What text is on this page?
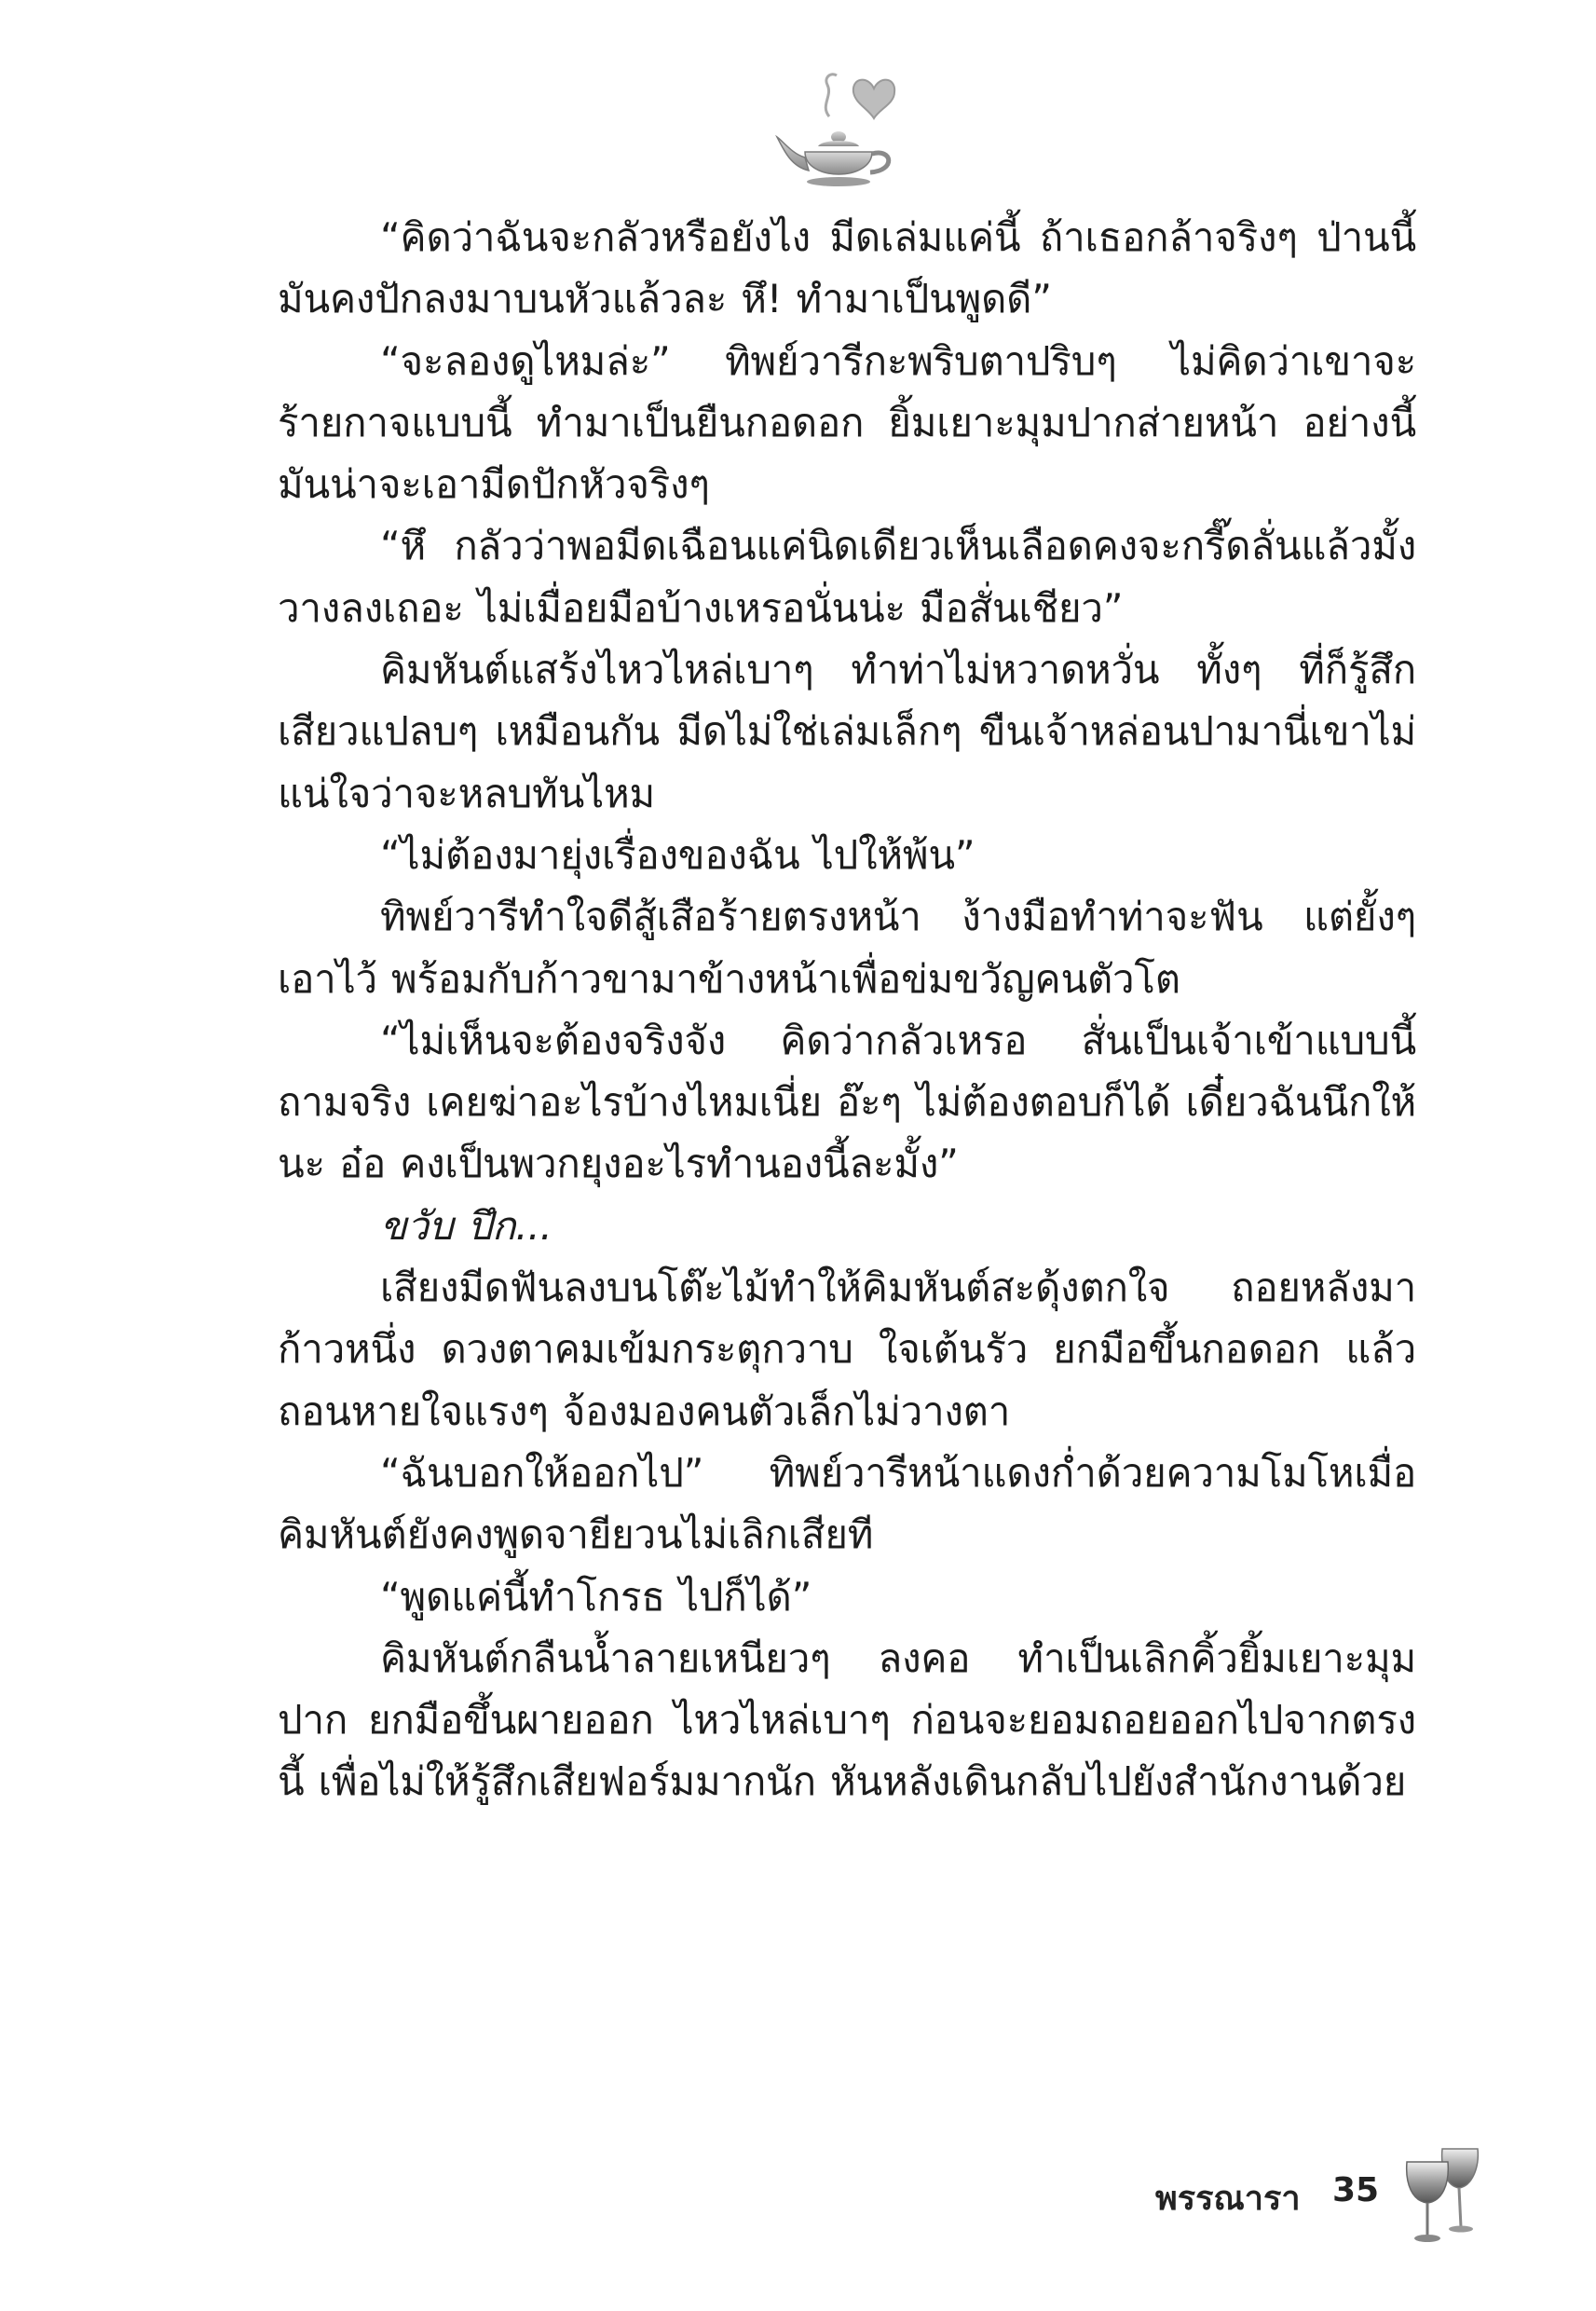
“คิดว่าฉันจะกลัวหรือยังไง มีดเล่มแค่นี้ ถ้าเธอกล้าจริงๆ ป่านนี้มันคงปักลงมาบนหัวแล้วละ หึ! ทำมาเป็นพูดดี”

“จะลองดูไหมล่ะ” ทิพย์วารีกะพริบตาปริบๆ ไม่คิดว่าเขาจะร้ายกาจแบบนี้ ทำมาเป็นยืนกอดอก ยิ้มเยาะมุมปากส่ายหน้า อย่างนี้มันน่าจะเอามีดปักหัวจริงๆ

“หึ กลัวว่าพอมีดเฉือนแค่นิดเดียวเห็นเลือดคงจะกรี๊ดลั่นแล้วมั้ง วางลงเถอะ ไม่เมื่อยมือบ้างเหรอนั่นน่ะ มือสั่นเชียว”

คิมหันต์แสร้งไหวไหล่เบาๆ ทำท่าไม่หวาดหวั่น ทั้งๆ ที่ก็รู้สึกเสียวแปลบๆ เหมือนกัน มีดไม่ใช่เล่มเล็กๆ ขืนเจ้าหล่อนปามานี่เขาไม่แน่ใจว่าจะหลบทันไหม

“ไม่ต้องมายุ่งเรื่องของฉัน ไปให้พ้น”

ทิพย์วารีทำใจดีสู้เสือร้ายตรงหน้า ง้างมือทำท่าจะฟัน แต่ยั้งๆ เอาไว้ พร้อมกับก้าวขามาข้างหน้าเพื่อข่มขวัญคนตัวโต

“ไม่เห็นจะต้องจริงจัง คิดว่ากลัวเหรอ สั่นเป็นเจ้าเข้าแบบนี้ ถามจริง เคยฆ่าอะไรบ้างไหมเนี่ย อ๊ะๆ ไม่ต้องตอบก็ได้ เดี๋ยวฉันนึกให้นะ อ๋อ คงเป็นพวกยุงอะไรทำนองนี้ละมั้ง”

ขวับ ปึก...

เสียงมีดฟันลงบนโต๊ะไม้ทำให้คิมหันต์สะดุ้งตกใจ ถอยหลังมาก้าวหนึ่ง ดวงตาคมเข้มกระตุกวาบ ใจเต้นรัว ยกมือขึ้นกอดอก แล้วถอนหายใจแรงๆ จ้องมองคนตัวเล็กไม่วางตา

“ฉันบอกให้ออกไป” ทิพย์วารีหน้าแดงก่ำด้วยความโมโหเมื่อคิมหันต์ยังคงพูดจายียวนไม่เลิกเสียที

“พูดแค่นี้ทำโกรธ ไปก็ได้”

คิมหันต์กลืนน้ำลายเหนียวๆ ลงคอ ทำเป็นเลิกคิ้วยิ้มเยาะมุมปาก ยกมือขึ้นผายออก ไหวไหล่เบาๆ ก่อนจะยอมถอยออกไปจากตรงนี้ เพื่อไม่ให้รู้สึกเสียฟอร์มมากนัก หันหลังเดินกลับไปยังสำนักงานด้วย

พรรณารา 35
